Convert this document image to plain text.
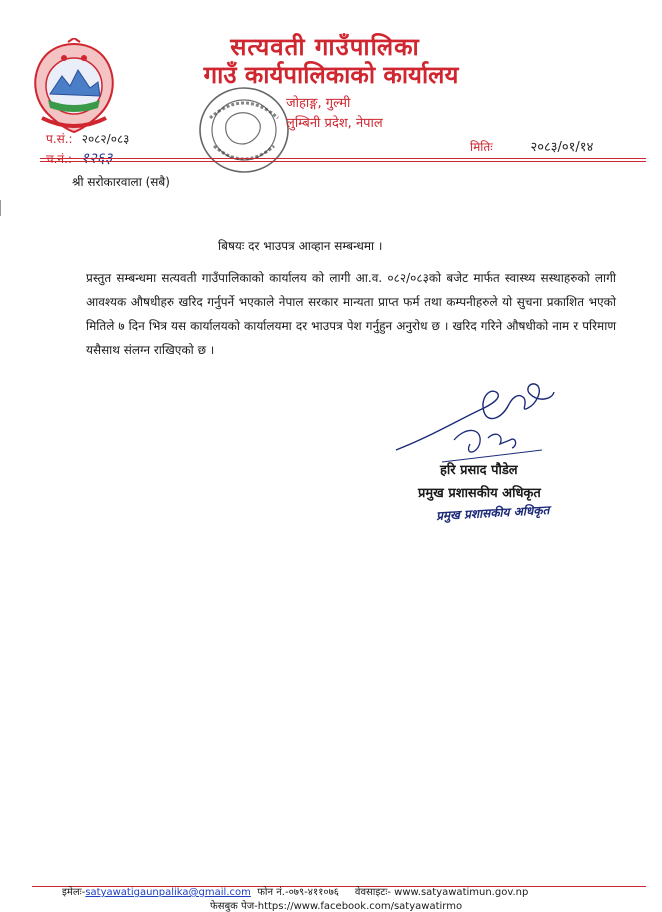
सत्यवती गाउँपालिका
गाउँ कार्यपालिकाको कार्यालय
जोहाङ्ग, गुल्मी
लुम्बिनी प्रदेश, नेपाल
प.सं.: २०८२/०८३
च.नं.: १२६३
मितिः	२०८३/०१/१४
श्री सरोकारवाला (सबै)
बिषयः दर भाउपत्र आव्हान सम्बन्धमा ।

प्रस्तुत सम्बन्धमा सत्यवती गाउँपालिकाको कार्यालय को लागी आ.व. ०८२/०८३को बजेट मार्फत स्वास्थ्य सस्थाहरुको लागी आवश्यक औषधीहरु खरिद गर्नुपर्ने भएकाले नेपाल सरकार मान्यता प्राप्त फर्म तथा कम्पनीहरुले यो सुचना प्रकाशित भएको मितिले ७ दिन भित्र यस कार्यालयको कार्यालयमा दर भाउपत्र पेश गर्नुहुन अनुरोध छ । खरिद गरिने औषधीको नाम र परिमाण यसैसाथ संलग्न राखिएको छ ।

हरि प्रसाद पौडेल
प्रमुख प्रशासकीय अधिकृत
प्रमुख प्रशासकीय अधिकृत
इमेलः-satyawatigaunpalika@gmail.com फोन नं.-०७९-४११०७६ वेवसाइटः- www.satyawatimun.gov.np
फेसबुक पेज-https://www.facebook.com/satyawatirmo
